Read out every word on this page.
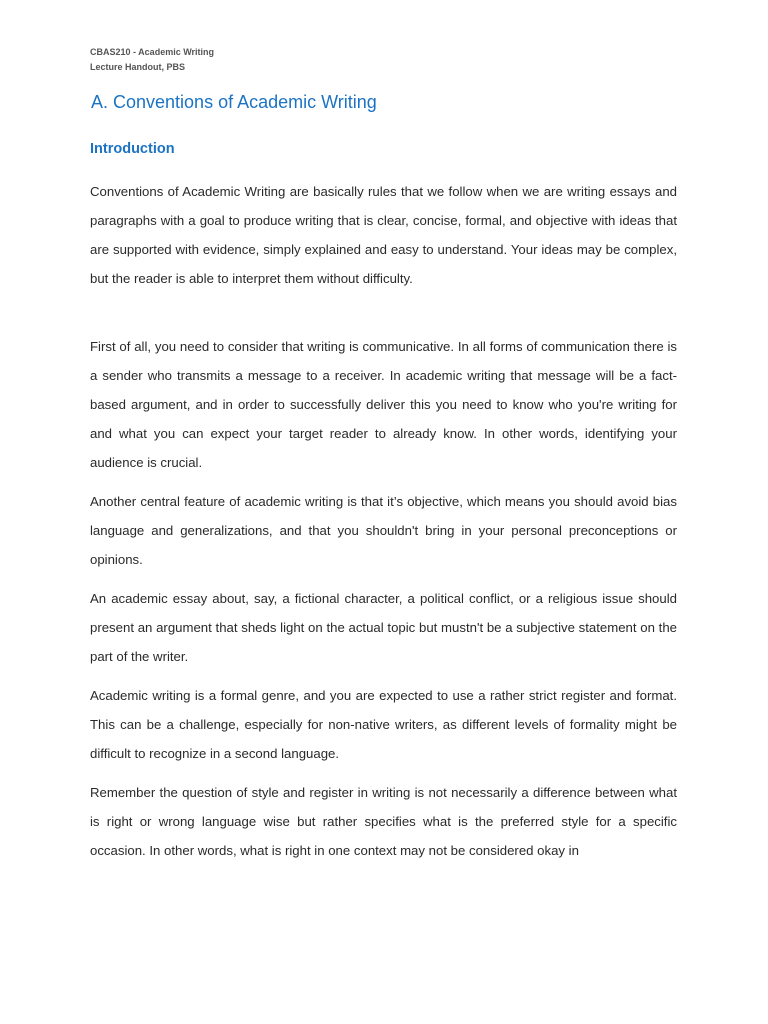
CBAS210 - Academic Writing
Lecture Handout, PBS
A. Conventions of Academic Writing
Introduction

Conventions of Academic Writing are basically rules that we follow when we are writing essays and paragraphs with a goal to produce writing that is clear, concise, formal, and objective with ideas that are supported with evidence, simply explained and easy to understand. Your ideas may be complex, but the reader is able to interpret them without difficulty.

First of all, you need to consider that writing is communicative. In all forms of communication there is a sender who transmits a message to a receiver. In academic writing that message will be a fact-based argument, and in order to successfully deliver this you need to know who you're writing for and what you can expect your target reader to already know. In other words, identifying your audience is crucial.

Another central feature of academic writing is that it’s objective, which means you should avoid bias language and generalizations, and that you shouldn't bring in your personal preconceptions or opinions.

An academic essay about, say, a fictional character, a political conflict, or a religious issue should present an argument that sheds light on the actual topic but mustn't be a subjective statement on the part of the writer.

Academic writing is a formal genre, and you are expected to use a rather strict register and format. This can be a challenge, especially for non-native writers, as different levels of formality might be difficult to recognize in a second language.

Remember the question of style and register in writing is not necessarily a difference between what is right or wrong language wise but rather specifies what is the preferred style for a specific occasion. In other words, what is right in one context may not be considered okay in
